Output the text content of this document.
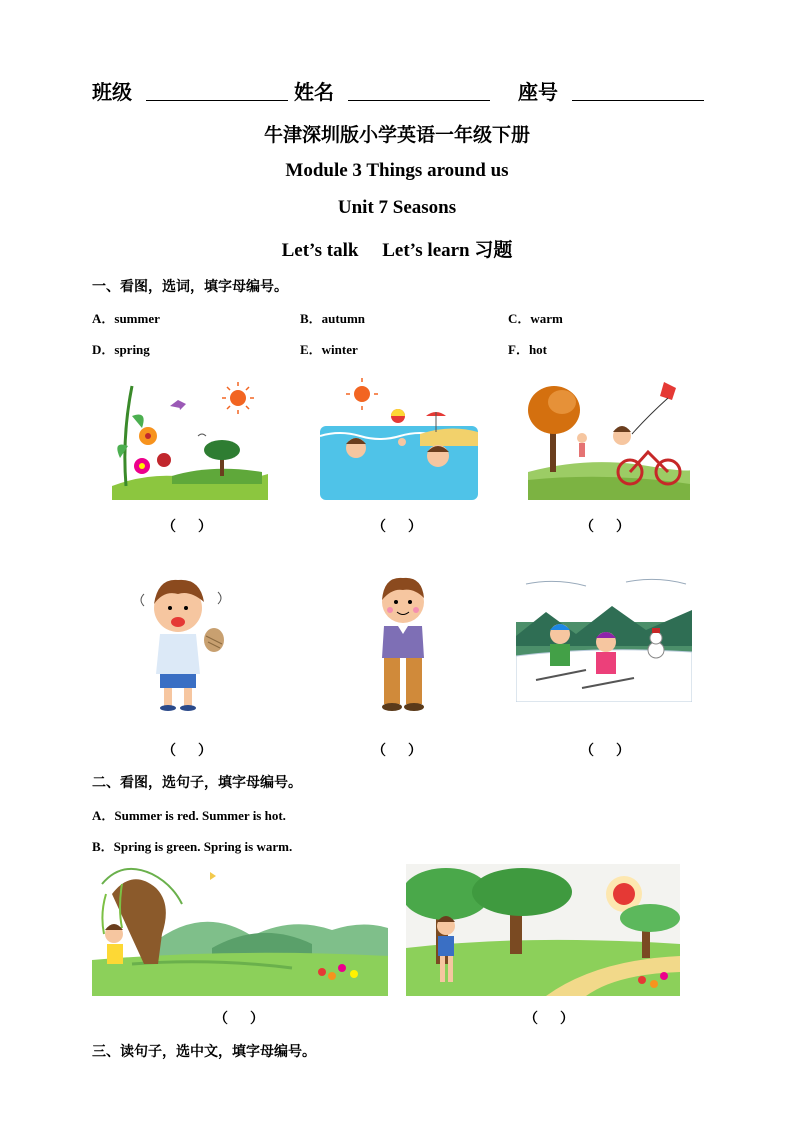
班级	姓名	座号
牛津深圳版小学英语一年级下册
Module 3 Things around us
Unit 7 Seasons
Let’s talk     Let’s learn 习题
一、看图，选词，填字母编号。
A．summer	B．autumn	C．warm
D．spring	E．winter	F．hot
（ ）	（ ）	（ ）
（ ）	（ ）	（ ）
二、看图，选句子，填字母编号。
A．Summer is red. Summer is hot.
B．Spring is green. Spring is warm.
（ ）	（ ）
三、读句子，选中文，填字母编号。
